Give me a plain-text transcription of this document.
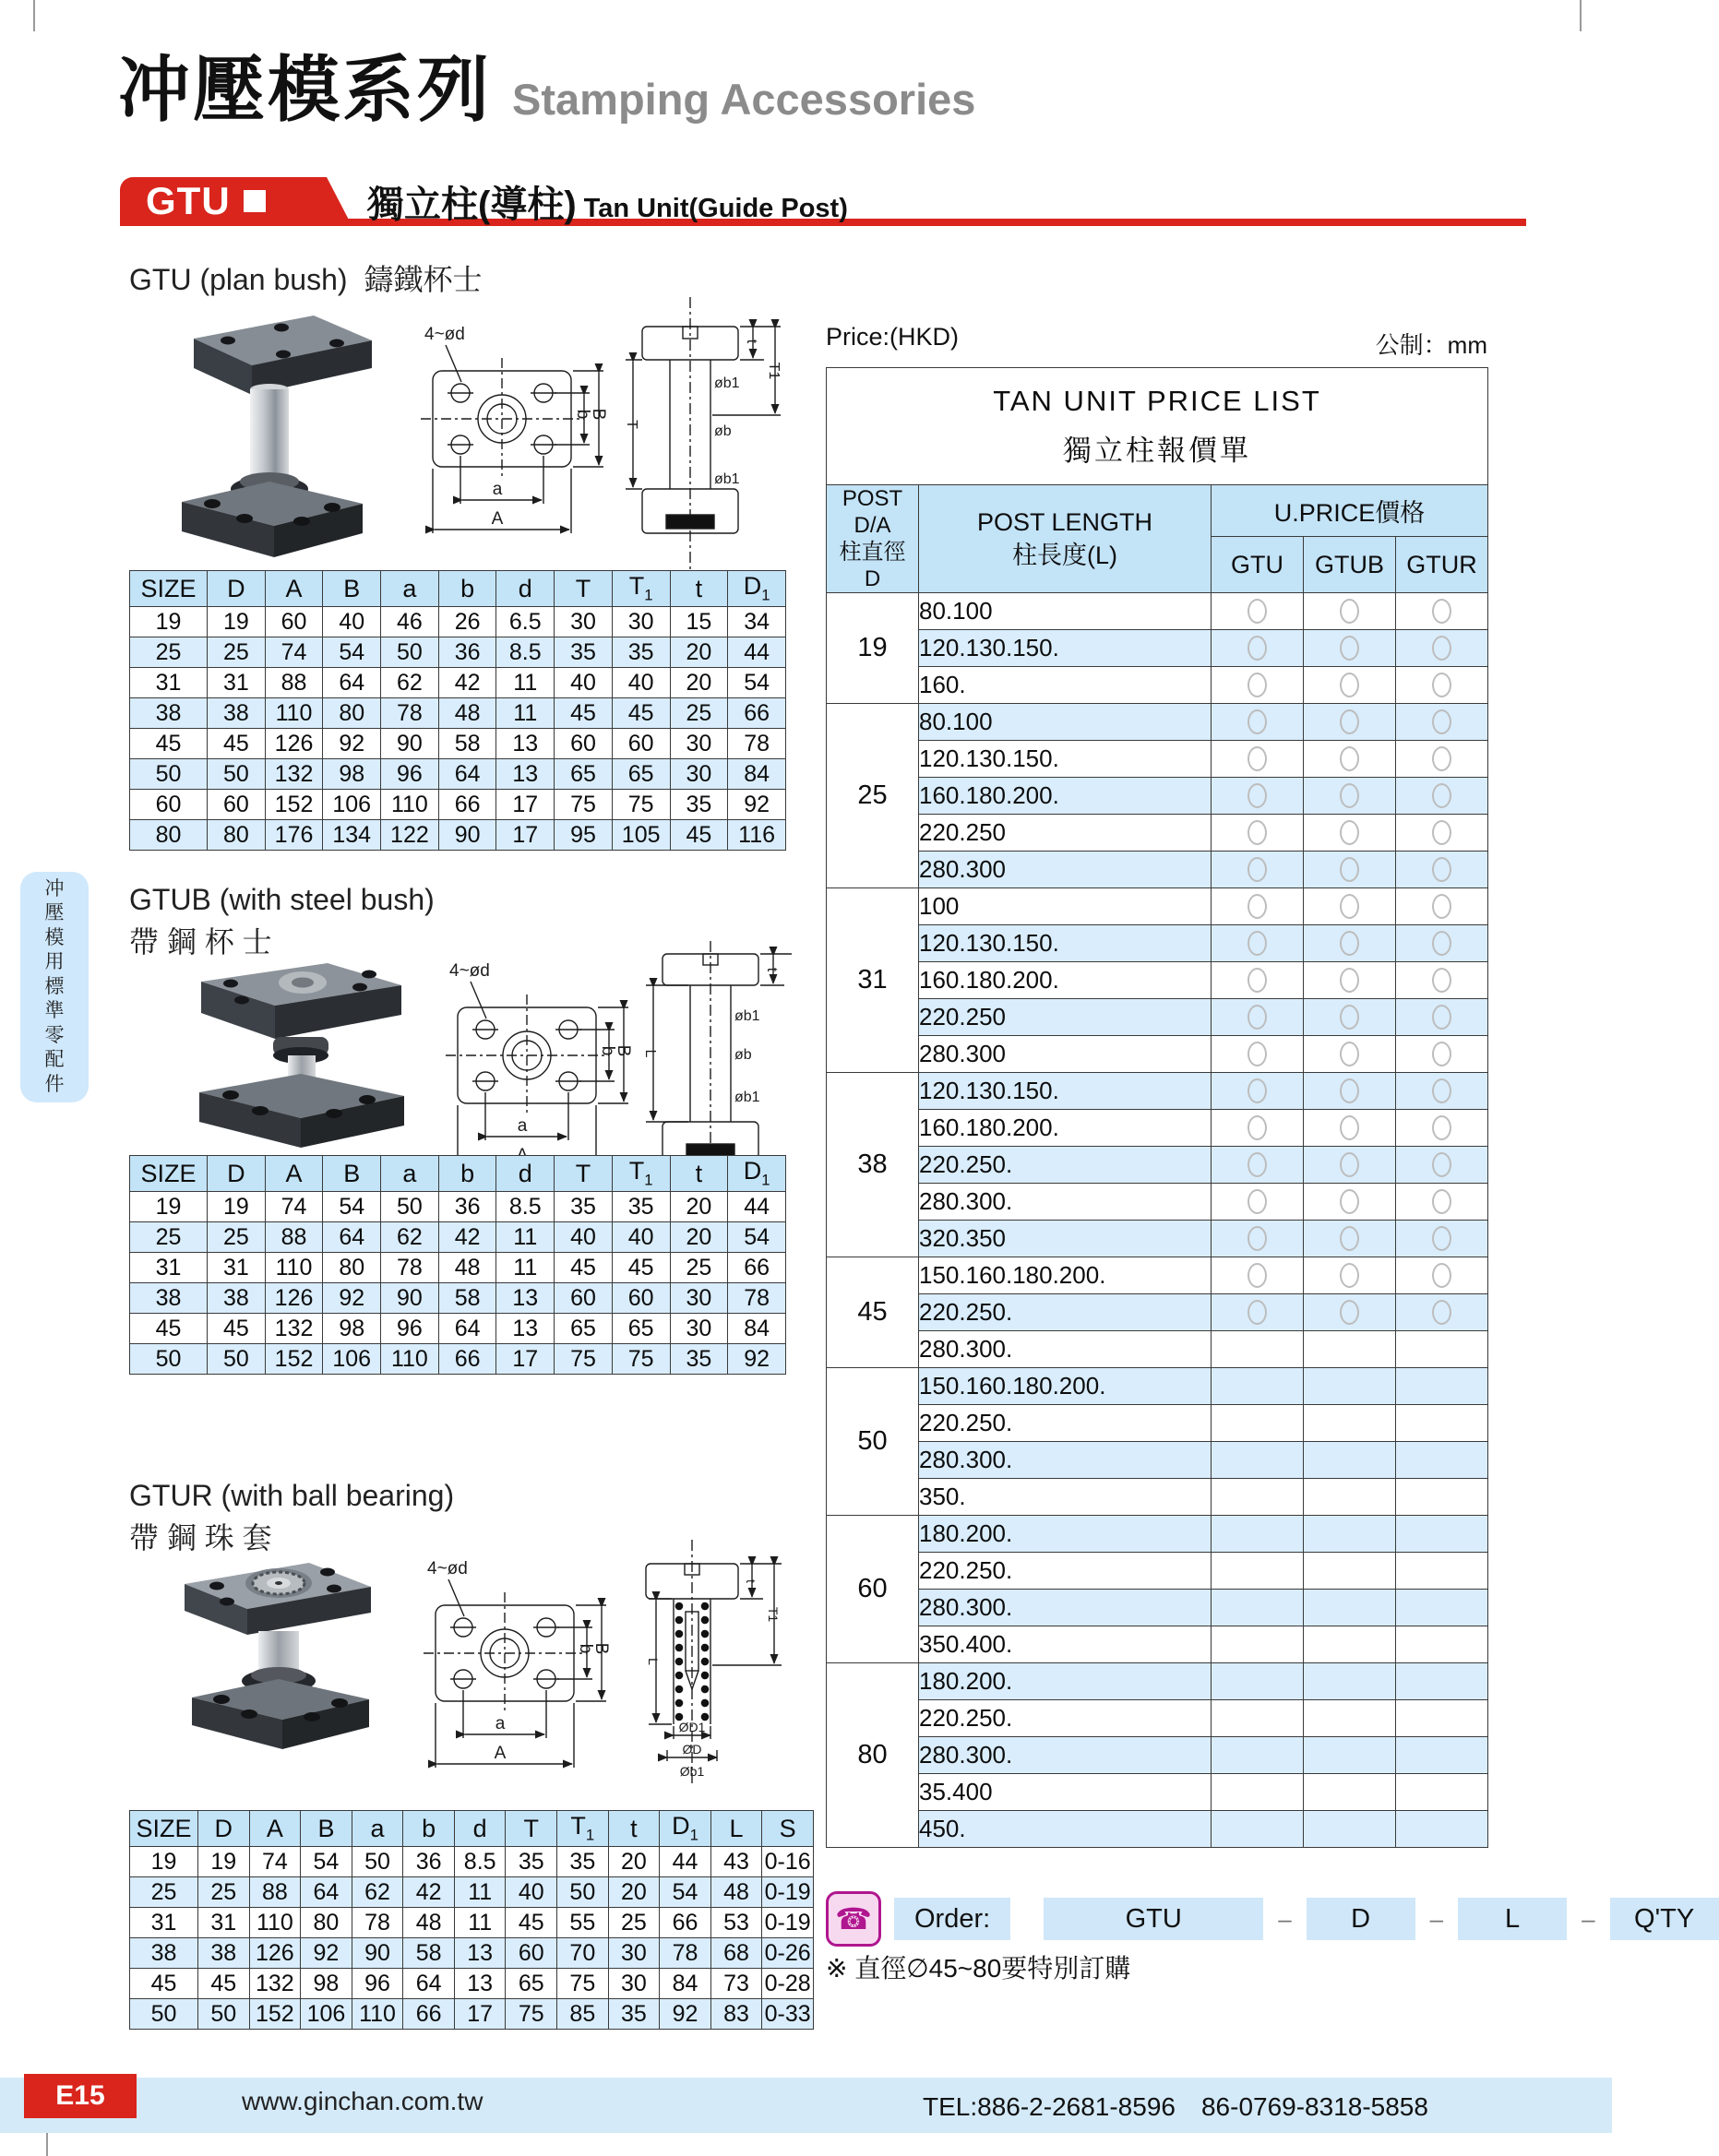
冲壓模系列 Stamping Accessories
GTU	獨立柱(導柱) Tan Unit(Guide Post)
GTU (plan bush) 鑄鐵杯士
4~ød
a
A
b
B
t
T1
T
øb1
øb
øb1
SIZE	D	A	B	a	b	d	T	$T_1$	t	$D_1$
19	19	60	40	46	26	6.5	30	30	15	34
25	25	74	54	50	36	8.5	35	35	20	44
31	31	88	64	62	42	11	40	40	20	54
38	38	110	80	78	48	11	45	45	25	66
45	45	126	92	90	58	13	60	60	30	78
50	50	132	98	96	64	13	65	65	30	84
60	60	152	106	110	66	17	75	75	35	92
80	80	176	134	122	90	17	95	105	45	116
冲
壓
模
用
標
準
零
配
件
GTUB (with steel bush)
帶 鋼 杯 士
4~ød
a
b
B L
t
øb1
øb
øb1
SIZE	D	A	B	a	b	d	T	$T_1$	t	$D_1$
19	19	74	54	50	36	8.5	35	35	20	44
25	25	88	64	62	42	11	40	40	20	54
31	31	110	80	78	48	11	45	45	25	66
38	38	126	92	90	58	13	60	60	30	78
45	45	132	98	96	64	13	65	65	30	84
50	50	152	106	110	66	17	75	75	35	92
GTUR (with ball bearing)
帶 鋼 珠 套
4~ød
a
A
b
B
t
T1
L
ØD1
ØD
Øb1
SIZE	D	A	B	a	b	d	T	$T_1$	t	$D_1$	L	S
19	19	74	54	50	36	8.5	35	35	20	44	43	0-16
25	25	88	64	62	42	11	40	50	20	54	48	0-19
31	31	110	80	78	48	11	45	55	25	66	53	0-19
38	38	126	92	90	58	13	60	70	30	78	68	0-26
45	45	132	98	96	64	13	65	75	30	84	73	0-28
50	50	152	106	110	66	17	75	85	35	92	83	0-33
Price:(HKD)	公制：mm
TAN UNIT PRICE LIST
獨立柱報價單				

POST D/A
柱直徑
D	POST LENGTH
柱長度(L)	U.PRICE價格		
		GTU	GTUB	GTUR
19	80.100			
	120.130.150.			
	160.			
25	80.100			
	120.130.150.			
	160.180.200.			
	220.250			
	280.300			
31	100			
	120.130.150.			
	160.180.200.			
	220.250			
	280.300			
38	120.130.150.			
	160.180.200.			
	220.250.			
	280.300.			
	320.350			
45	150.160.180.200.			
	220.250.			
	280.300.			
50	150.160.180.200.			
	220.250.			
	280.300.			
	350.			
60	180.200.			
	220.250.			
	280.300.			
	350.400.			
80	180.200.			
	220.250.			
	280.300.			
	35.400			
	450.			
☎	Order:	GTU	–	D	–	L	–	Q'TY
※ 直徑∅45~80要特別訂購
E15	www.ginchan.com.tw	TEL:886-2-2681-8596　86-0769-8318-5858
